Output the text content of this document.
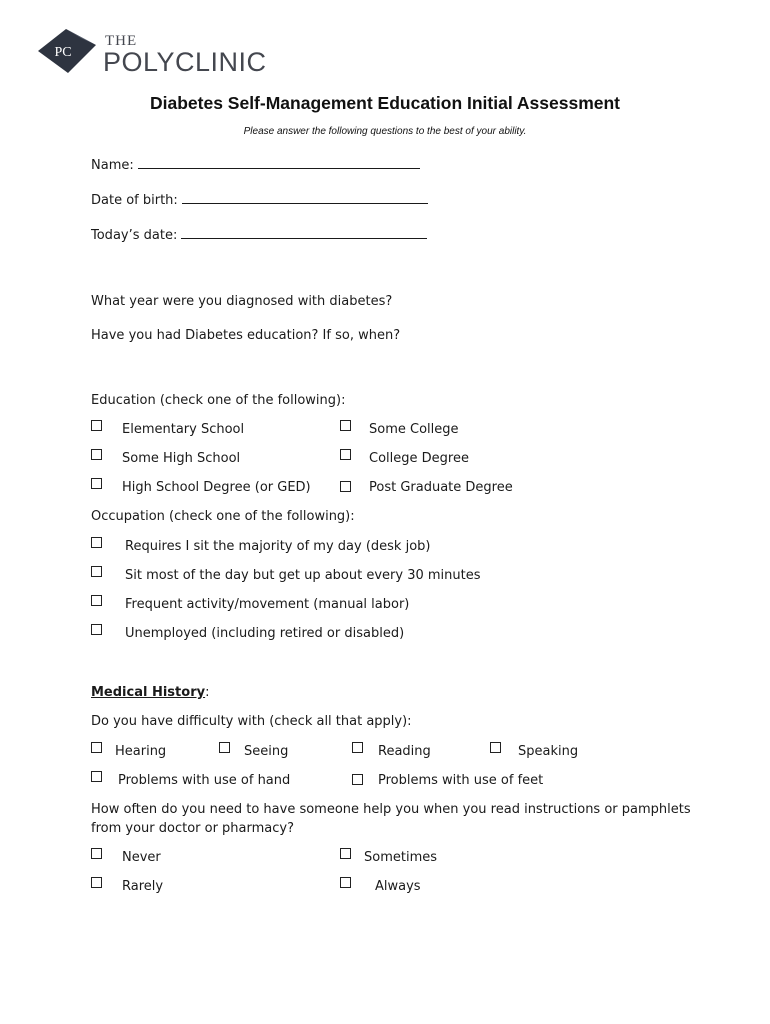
PC
THE
POLYCLINIC
Diabetes Self-Management Education Initial Assessment
Please answer the following questions to the best of your ability.
Name:
Date of birth:
Today’s date:
What year were you diagnosed with diabetes?
Have you had Diabetes education? If so, when?
Education (check one of the following):
Elementary School	Some College
Some High School	College Degree
High School Degree (or GED)	Post Graduate Degree
Occupation (check one of the following):
Requires I sit the majority of my day (desk job)
Sit most of the day but get up about every 30 minutes
Frequent activity/movement (manual labor)
Unemployed (including retired or disabled)
Medical History:
Do you have difficulty with (check all that apply):
Hearing	Seeing	Reading	Speaking
Problems with use of hand	Problems with use of feet
How often do you need to have someone help you when you read instructions or pamphlets
from your doctor or pharmacy?
Never	Sometimes
Rarely	Always
